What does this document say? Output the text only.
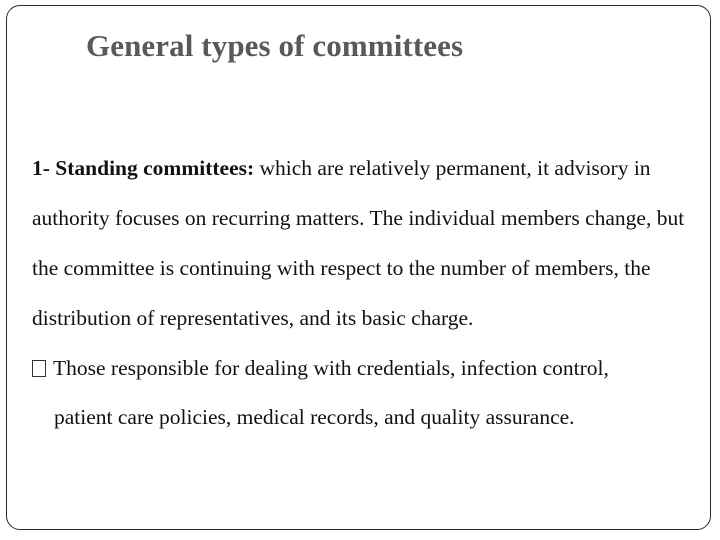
General types of committees

1- Standing committees: which are relatively permanent, it advisory in authority focuses on recurring matters. The individual members change, but the committee is continuing with respect to the number of members, the distribution of representatives, and its basic charge.

Those responsible for dealing with credentials, infection control,
patient care policies, medical records, and quality assurance.
